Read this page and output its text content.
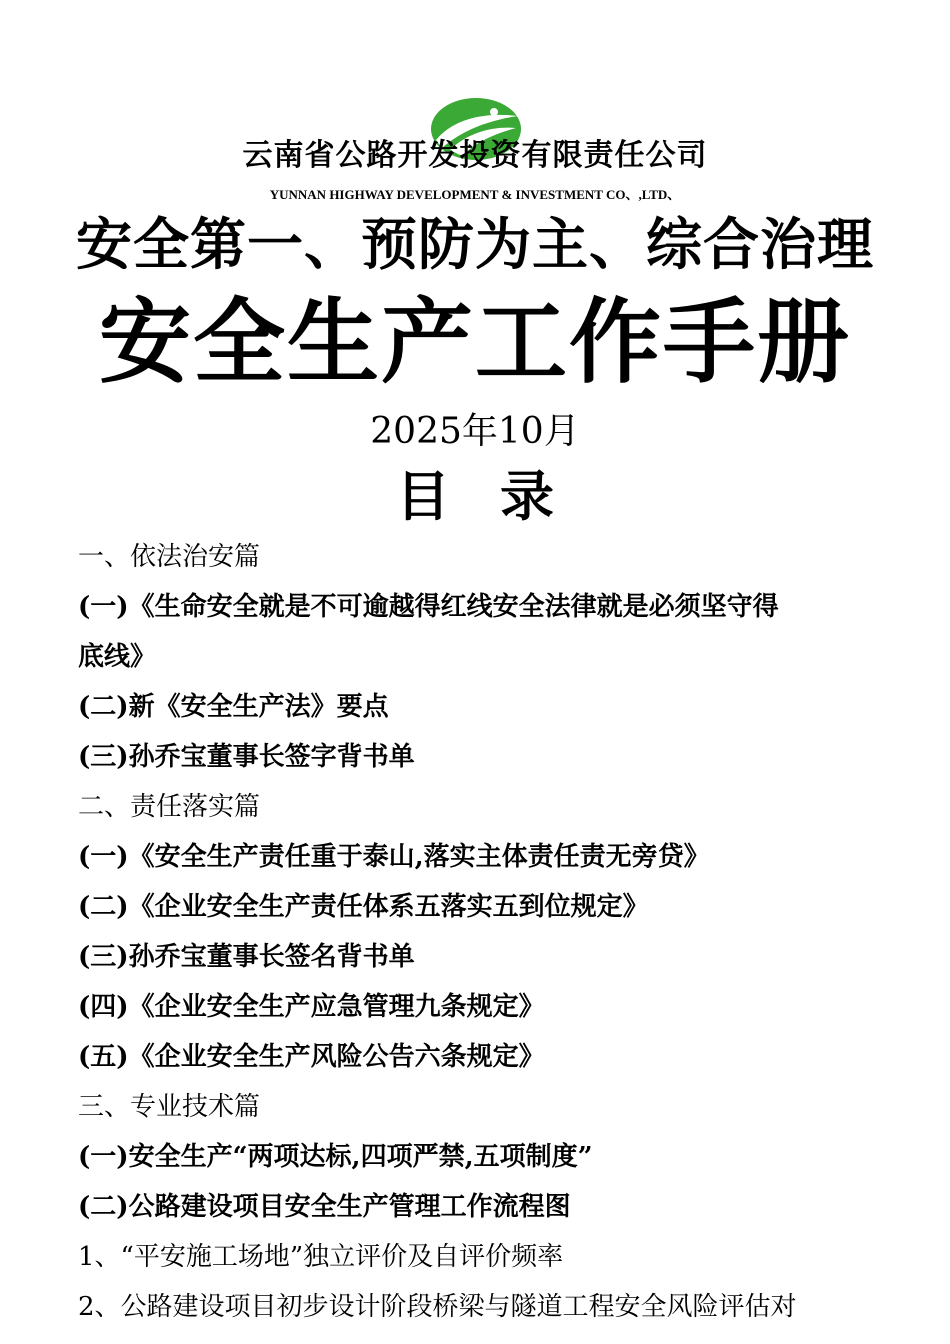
云南省公路开发投资有限责任公司
YUNNAN HIGHWAY DEVELOPMENT & INVESTMENT CO、,LTD、
安全第一、预防为主、综合治理
安全生产工作手册
2025年10月
目录
一、依法治安篇
(一)《生命安全就是不可逾越得红线安全法律就是必须坚守得
底线》
(二)新《安全生产法》要点
(三)孙乔宝董事长签字背书单
二、责任落实篇
(一)《安全生产责任重于泰山,落实主体责任责无旁贷》
(二)《企业安全生产责任体系五落实五到位规定》
(三)孙乔宝董事长签名背书单
(四)《企业安全生产应急管理九条规定》
(五)《企业安全生产风险公告六条规定》
三、专业技术篇
(一)安全生产“两项达标,四项严禁,五项制度”
(二)公路建设项目安全生产管理工作流程图
1、“平安施工场地”独立评价及自评价频率
2、公路建设项目初步设计阶段桥梁与隧道工程安全风险评估对
